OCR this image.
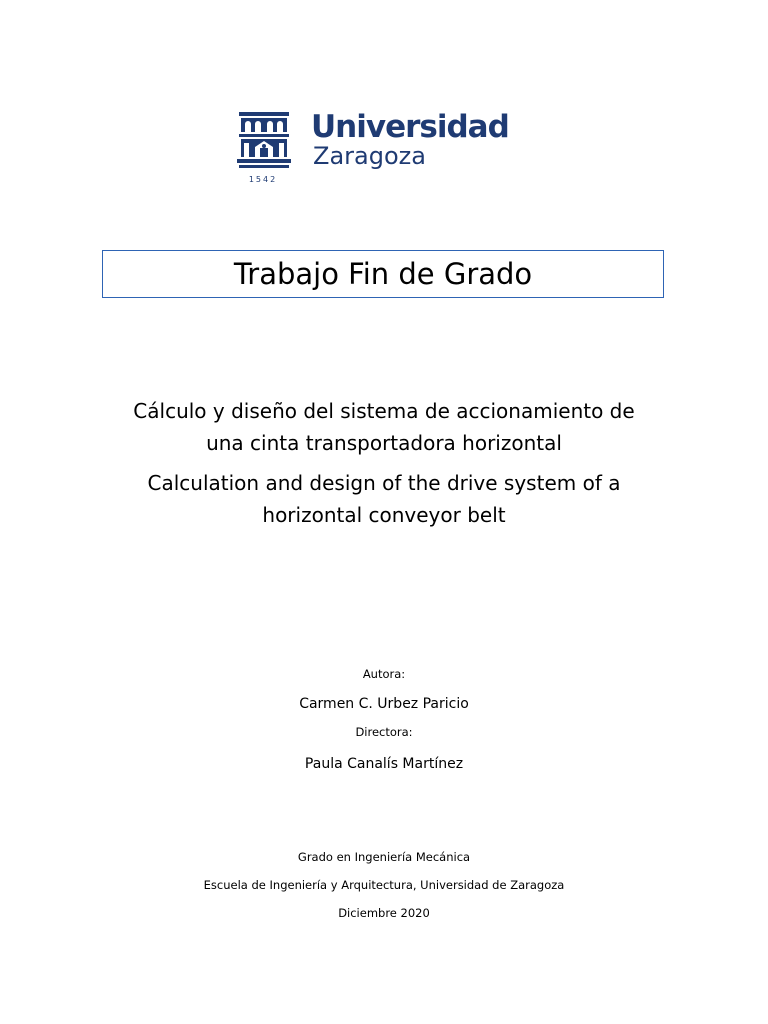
Universidad
Zaragoza
1542
Trabajo Fin de Grado
Cálculo y diseño del sistema de accionamiento de
una cinta transportadora horizontal
Calculation and design of the drive system of a
horizontal conveyor belt
Autora:
Carmen C. Urbez Paricio
Directora:
Paula Canalís Martínez
Grado en Ingeniería Mecánica
Escuela de Ingeniería y Arquitectura, Universidad de Zaragoza
Diciembre 2020
